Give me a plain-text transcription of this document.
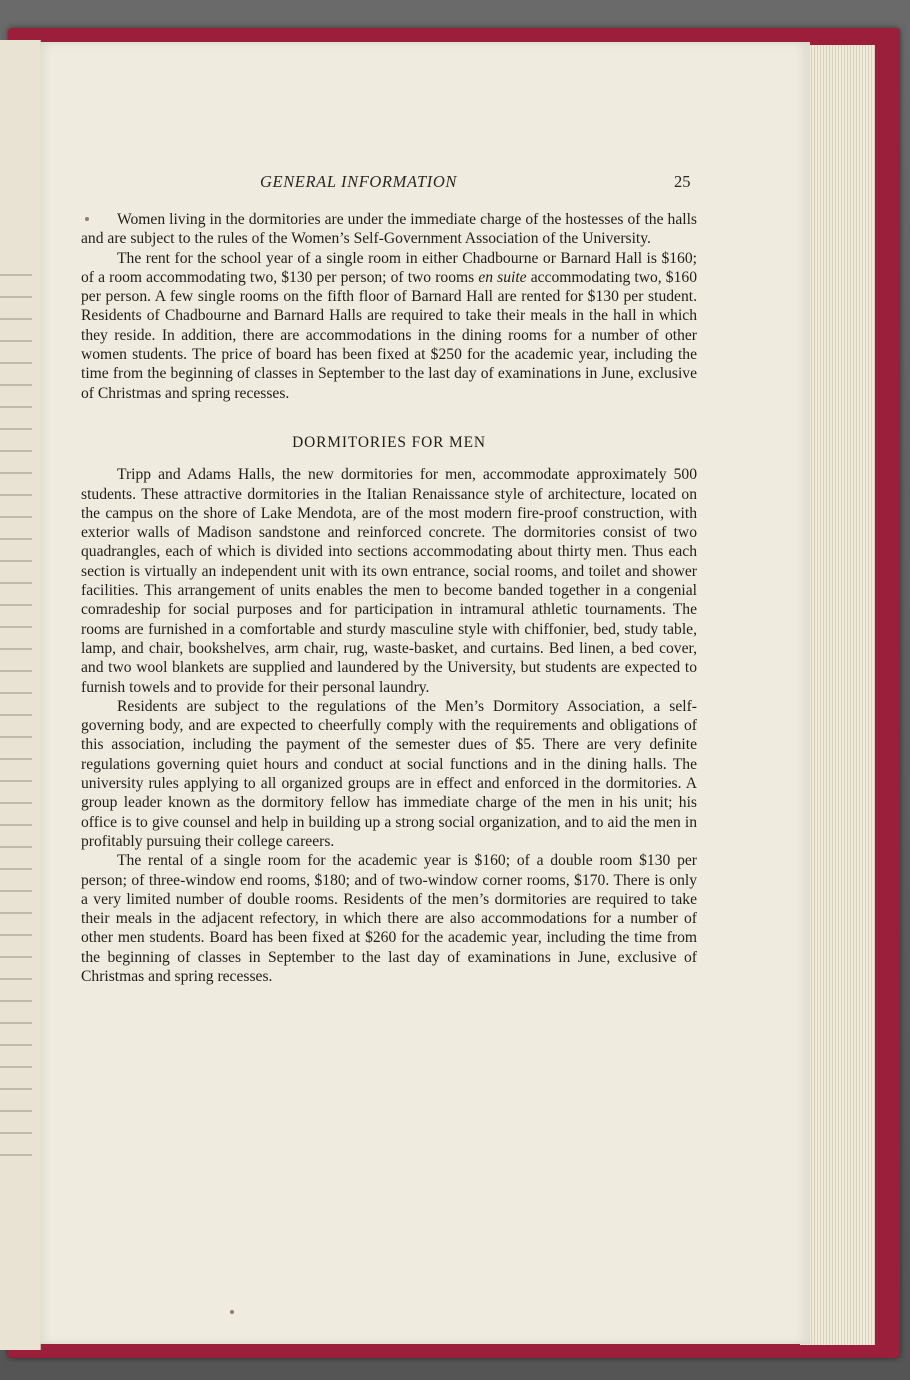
GENERAL INFORMATION	25

Women living in the dormitories are under the immediate charge of the hostesses of the halls and are subject to the rules of the Women’s Self-Government Association of the University.

The rent for the school year of a single room in either Chadbourne or Barnard Hall is $160; of a room accommodating two, $130 per person; of two rooms en suite accommodating two, $160 per person. A few single rooms on the fifth floor of Barnard Hall are rented for $130 per student. Residents of Chadbourne and Barnard Halls are required to take their meals in the hall in which they reside. In addition, there are accommodations in the dining rooms for a number of other women students. The price of board has been fixed at $250 for the academic year, including the time from the beginning of classes in September to the last day of examinations in June, exclusive of Christmas and spring recesses.

DORMITORIES FOR MEN

Tripp and Adams Halls, the new dormitories for men, accommodate approximately 500 students. These attractive dormitories in the Italian Renaissance style of architecture, located on the campus on the shore of Lake Mendota, are of the most modern fire-proof construction, with exterior walls of Madison sandstone and reinforced concrete. The dormitories consist of two quadrangles, each of which is divided into sections accommodating about thirty men. Thus each section is virtually an independent unit with its own entrance, social rooms, and toilet and shower facilities. This arrangement of units enables the men to become banded together in a congenial comradeship for social purposes and for participation in intramural athletic tournaments. The rooms are furnished in a comfortable and sturdy masculine style with chiffonier, bed, study table, lamp, and chair, bookshelves, arm chair, rug, waste-basket, and curtains. Bed linen, a bed cover, and two wool blankets are supplied and laundered by the University, but students are expected to furnish towels and to provide for their personal laundry.

Residents are subject to the regulations of the Men’s Dormitory Association, a self-governing body, and are expected to cheerfully comply with the requirements and obligations of this association, including the payment of the semester dues of $5. There are very definite regulations governing quiet hours and conduct at social functions and in the dining halls. The university rules applying to all organized groups are in effect and enforced in the dormitories. A group leader known as the dormitory fellow has immediate charge of the men in his unit; his office is to give counsel and help in building up a strong social organization, and to aid the men in profitably pursuing their college careers.

The rental of a single room for the academic year is $160; of a double room $130 per person; of three-window end rooms, $180; and of two-window corner rooms, $170. There is only a very limited number of double rooms. Residents of the men’s dormitories are required to take their meals in the adjacent refectory, in which there are also accommodations for a number of other men students. Board has been fixed at $260 for the academic year, including the time from the beginning of classes in September to the last day of examinations in June, exclusive of Christmas and spring recesses.
